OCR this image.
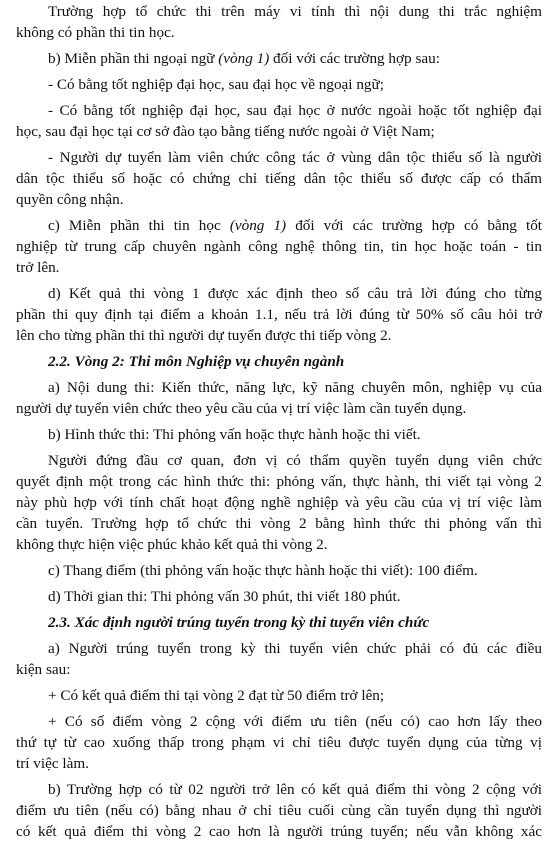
Trường hợp tổ chức thi trên máy vi tính thì nội dung thi trắc nghiệm
không có phần thi tin học.
b) Miễn phần thi ngoại ngữ (vòng 1) đối với các trường hợp sau:
- Có bằng tốt nghiệp đại học, sau đại học về ngoại ngữ;
- Có bằng tốt nghiệp đại học, sau đại học ở nước ngoài hoặc tốt nghiệp đại
học, sau đại học tại cơ sở đào tạo bằng tiếng nước ngoài ở Việt Nam;
- Người dự tuyển làm viên chức công tác ở vùng dân tộc thiểu số là người
dân tộc thiểu số hoặc có chứng chỉ tiếng dân tộc thiểu số được cấp có thẩm
quyền công nhận.
c) Miễn phần thi tin học (vòng 1) đối với các trường hợp có bằng tốt
nghiệp từ trung cấp chuyên ngành công nghệ thông tin, tin học hoặc toán - tin
trở lên.
d) Kết quả thi vòng 1 được xác định theo số câu trả lời đúng cho từng
phần thi quy định tại điểm a khoản 1.1, nếu trả lời đúng từ 50% số câu hỏi trở
lên cho từng phần thi thì người dự tuyển được thi tiếp vòng 2.
2.2. Vòng 2: Thi môn Nghiệp vụ chuyên ngành
a) Nội dung thi: Kiến thức, năng lực, kỹ năng chuyên môn, nghiệp vụ của
người dự tuyển viên chức theo yêu cầu của vị trí việc làm cần tuyển dụng.
b) Hình thức thi: Thi phỏng vấn hoặc thực hành hoặc thi viết.
Người đứng đầu cơ quan, đơn vị có thẩm quyền tuyển dụng viên chức
quyết định một trong các hình thức thi: phỏng vấn, thực hành, thi viết tại vòng 2
này phù hợp với tính chất hoạt động nghề nghiệp và yêu cầu của vị trí việc làm
cần tuyển. Trường hợp tổ chức thi vòng 2 bằng hình thức thi phỏng vấn thì
không thực hiện việc phúc khảo kết quả thi vòng 2.
c) Thang điểm (thi phỏng vấn hoặc thực hành hoặc thi viết): 100 điểm.
d) Thời gian thi: Thi phỏng vấn 30 phút, thi viết 180 phút.
2.3. Xác định người trúng tuyển trong kỳ thi tuyển viên chức
a) Người trúng tuyển trong kỳ thi tuyển viên chức phải có đủ các điều
kiện sau:
+ Có kết quả điểm thi tại vòng 2 đạt từ 50 điểm trở lên;
+ Có số điểm vòng 2 cộng với điểm ưu tiên (nếu có) cao hơn lấy theo
thứ tự từ cao xuống thấp trong phạm vi chỉ tiêu được tuyển dụng của từng vị
trí việc làm.
b) Trường hợp có từ 02 người trở lên có kết quả điểm thi vòng 2 cộng với
điểm ưu tiên (nếu có) bằng nhau ở chỉ tiêu cuối cùng cần tuyển dụng thì người
có kết quả điểm thi vòng 2 cao hơn là người trúng tuyển; nếu vẫn không xác
